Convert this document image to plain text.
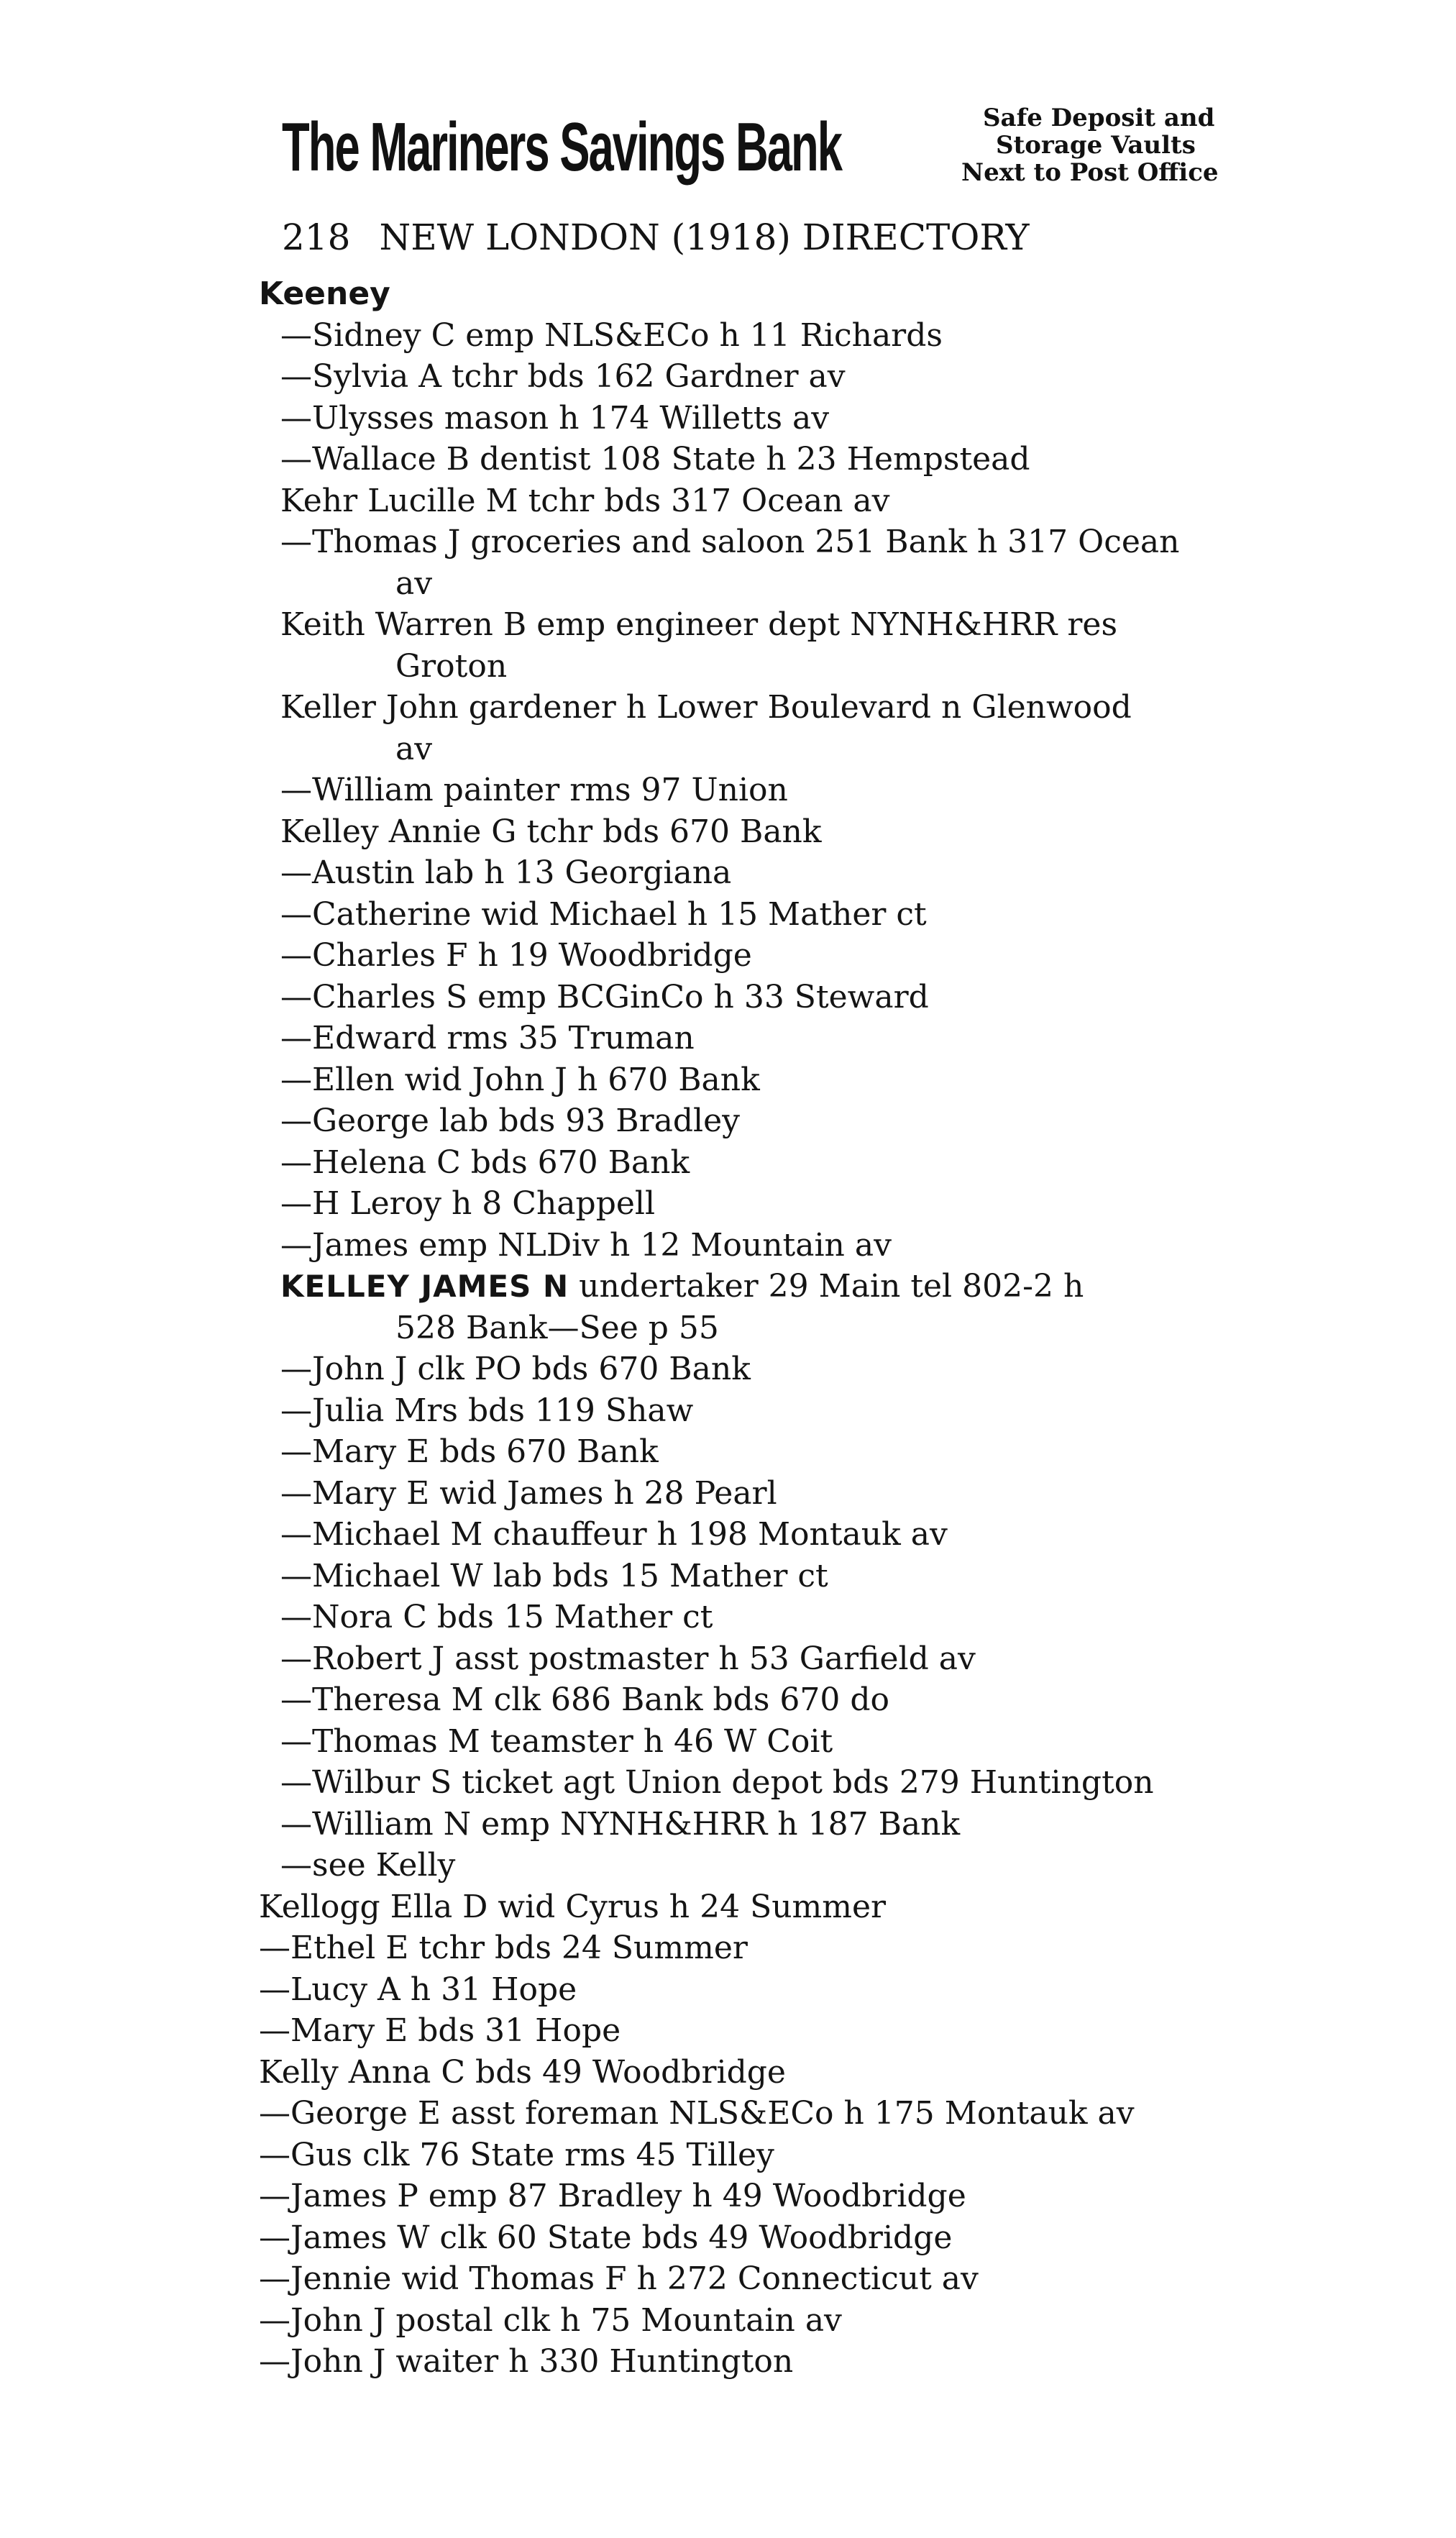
The Mariners Savings Bank	Safe Deposit and
Storage Vaults
Next to Post Office
218 NEW LONDON (1918) DIRECTORY
Keeney
—Sidney C emp NLS&ECo h 11 Richards
—Sylvia A tchr bds 162 Gardner av
—Ulysses mason h 174 Willetts av
—Wallace B dentist 108 State h 23 Hempstead
Kehr Lucille M tchr bds 317 Ocean av
—Thomas J groceries and saloon 251 Bank h 317 Ocean
av
Keith Warren B emp engineer dept NYNH&HRR res
Groton
Keller John gardener h Lower Boulevard n Glenwood
av
—William painter rms 97 Union
Kelley Annie G tchr bds 670 Bank
—Austin lab h 13 Georgiana
—Catherine wid Michael h 15 Mather ct
—Charles F h 19 Woodbridge
—Charles S emp BCGinCo h 33 Steward
—Edward rms 35 Truman
—Ellen wid John J h 670 Bank
—George lab bds 93 Bradley
—Helena C bds 670 Bank
—H Leroy h 8 Chappell
—James emp NLDiv h 12 Mountain av
KELLEY JAMES N undertaker 29 Main tel 802-2 h
528 Bank—See p 55
—John J clk PO bds 670 Bank
—Julia Mrs bds 119 Shaw
—Mary E bds 670 Bank
—Mary E wid James h 28 Pearl
—Michael M chauffeur h 198 Montauk av
—Michael W lab bds 15 Mather ct
—Nora C bds 15 Mather ct
—Robert J asst postmaster h 53 Garfield av
—Theresa M clk 686 Bank bds 670 do
—Thomas M teamster h 46 W Coit
—Wilbur S ticket agt Union depot bds 279 Huntington
—William N emp NYNH&HRR h 187 Bank
—see Kelly
Kellogg Ella D wid Cyrus h 24 Summer
—Ethel E tchr bds 24 Summer
—Lucy A h 31 Hope
—Mary E bds 31 Hope
Kelly Anna C bds 49 Woodbridge
—George E asst foreman NLS&ECo h 175 Montauk av
—Gus clk 76 State rms 45 Tilley
—James P emp 87 Bradley h 49 Woodbridge
—James W clk 60 State bds 49 Woodbridge
—Jennie wid Thomas F h 272 Connecticut av
—John J postal clk h 75 Mountain av
—John J waiter h 330 Huntington
